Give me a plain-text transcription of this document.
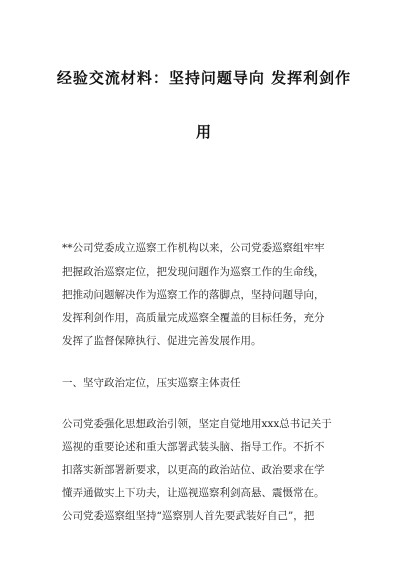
经验交流材料：坚持问题导向 发挥利剑作
用
**公司党委成立巡察工作机构以来，公司党委巡察组牢牢
把握政治巡察定位，把发现问题作为巡察工作的生命线，
把推动问题解决作为巡察工作的落脚点，坚持问题导向，
发挥利剑作用，高质量完成巡察全覆盖的目标任务，充分
发挥了监督保障执行、促进完善发展作用。
一、坚守政治定位，压实巡察主体责任
公司党委强化思想政治引领，坚定自觉地用xxx总书记关于
巡视的重要论述和重大部署武装头脑、指导工作。不折不
扣落实新部署新要求，以更高的政治站位、政治要求在学
懂弄通做实上下功夫，让巡视巡察利剑高悬、震慑常在。
公司党委巡察组坚持“巡察别人首先要武装好自己”，把
